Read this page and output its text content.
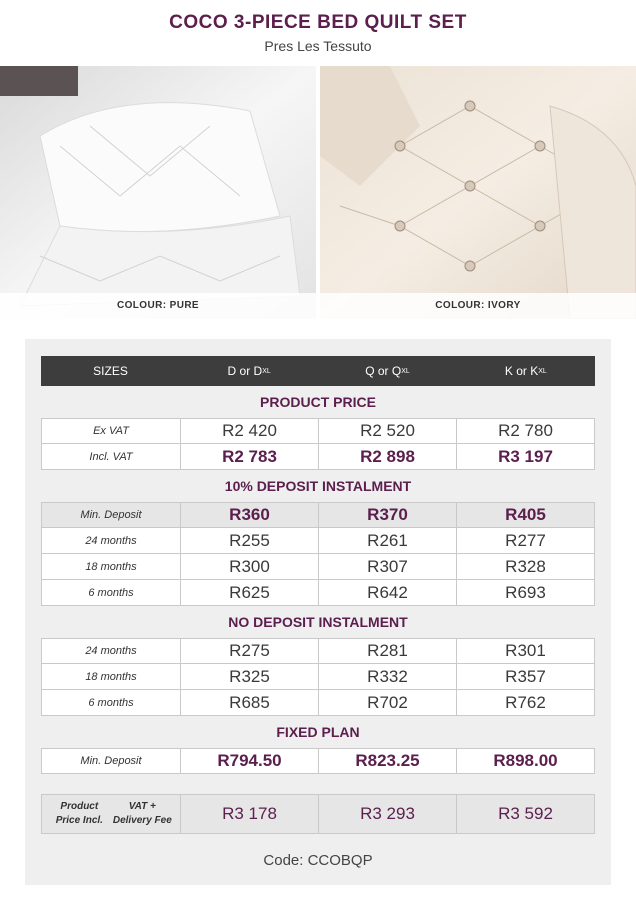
COCO 3-PIECE BED QUILT SET
Pres Les Tessuto
COLOUR: PURE	COLOUR: IVORY
SIZES	D or D XL	Q or Q XL	K or K XL
PRODUCT PRICE
Ex VAT	R2 420	R2 520	R2 780
Incl. VAT	R2 783	R2 898	R3 197
10% DEPOSIT INSTALMENT
Min. Deposit	R360	R370	R405
24 months	R255	R261	R277
18 months	R300	R307	R328
6 months	R625	R642	R693
NO DEPOSIT INSTALMENT
24 months	R275	R281	R301
18 months	R325	R332	R357
6 months	R685	R702	R762
FIXED PLAN
Min. Deposit	R794.50	R823.25	R898.00
Product Price Incl.

VAT + Delivery Fee	R3 178	R3 293	R3 592
Code: CCOBQP
